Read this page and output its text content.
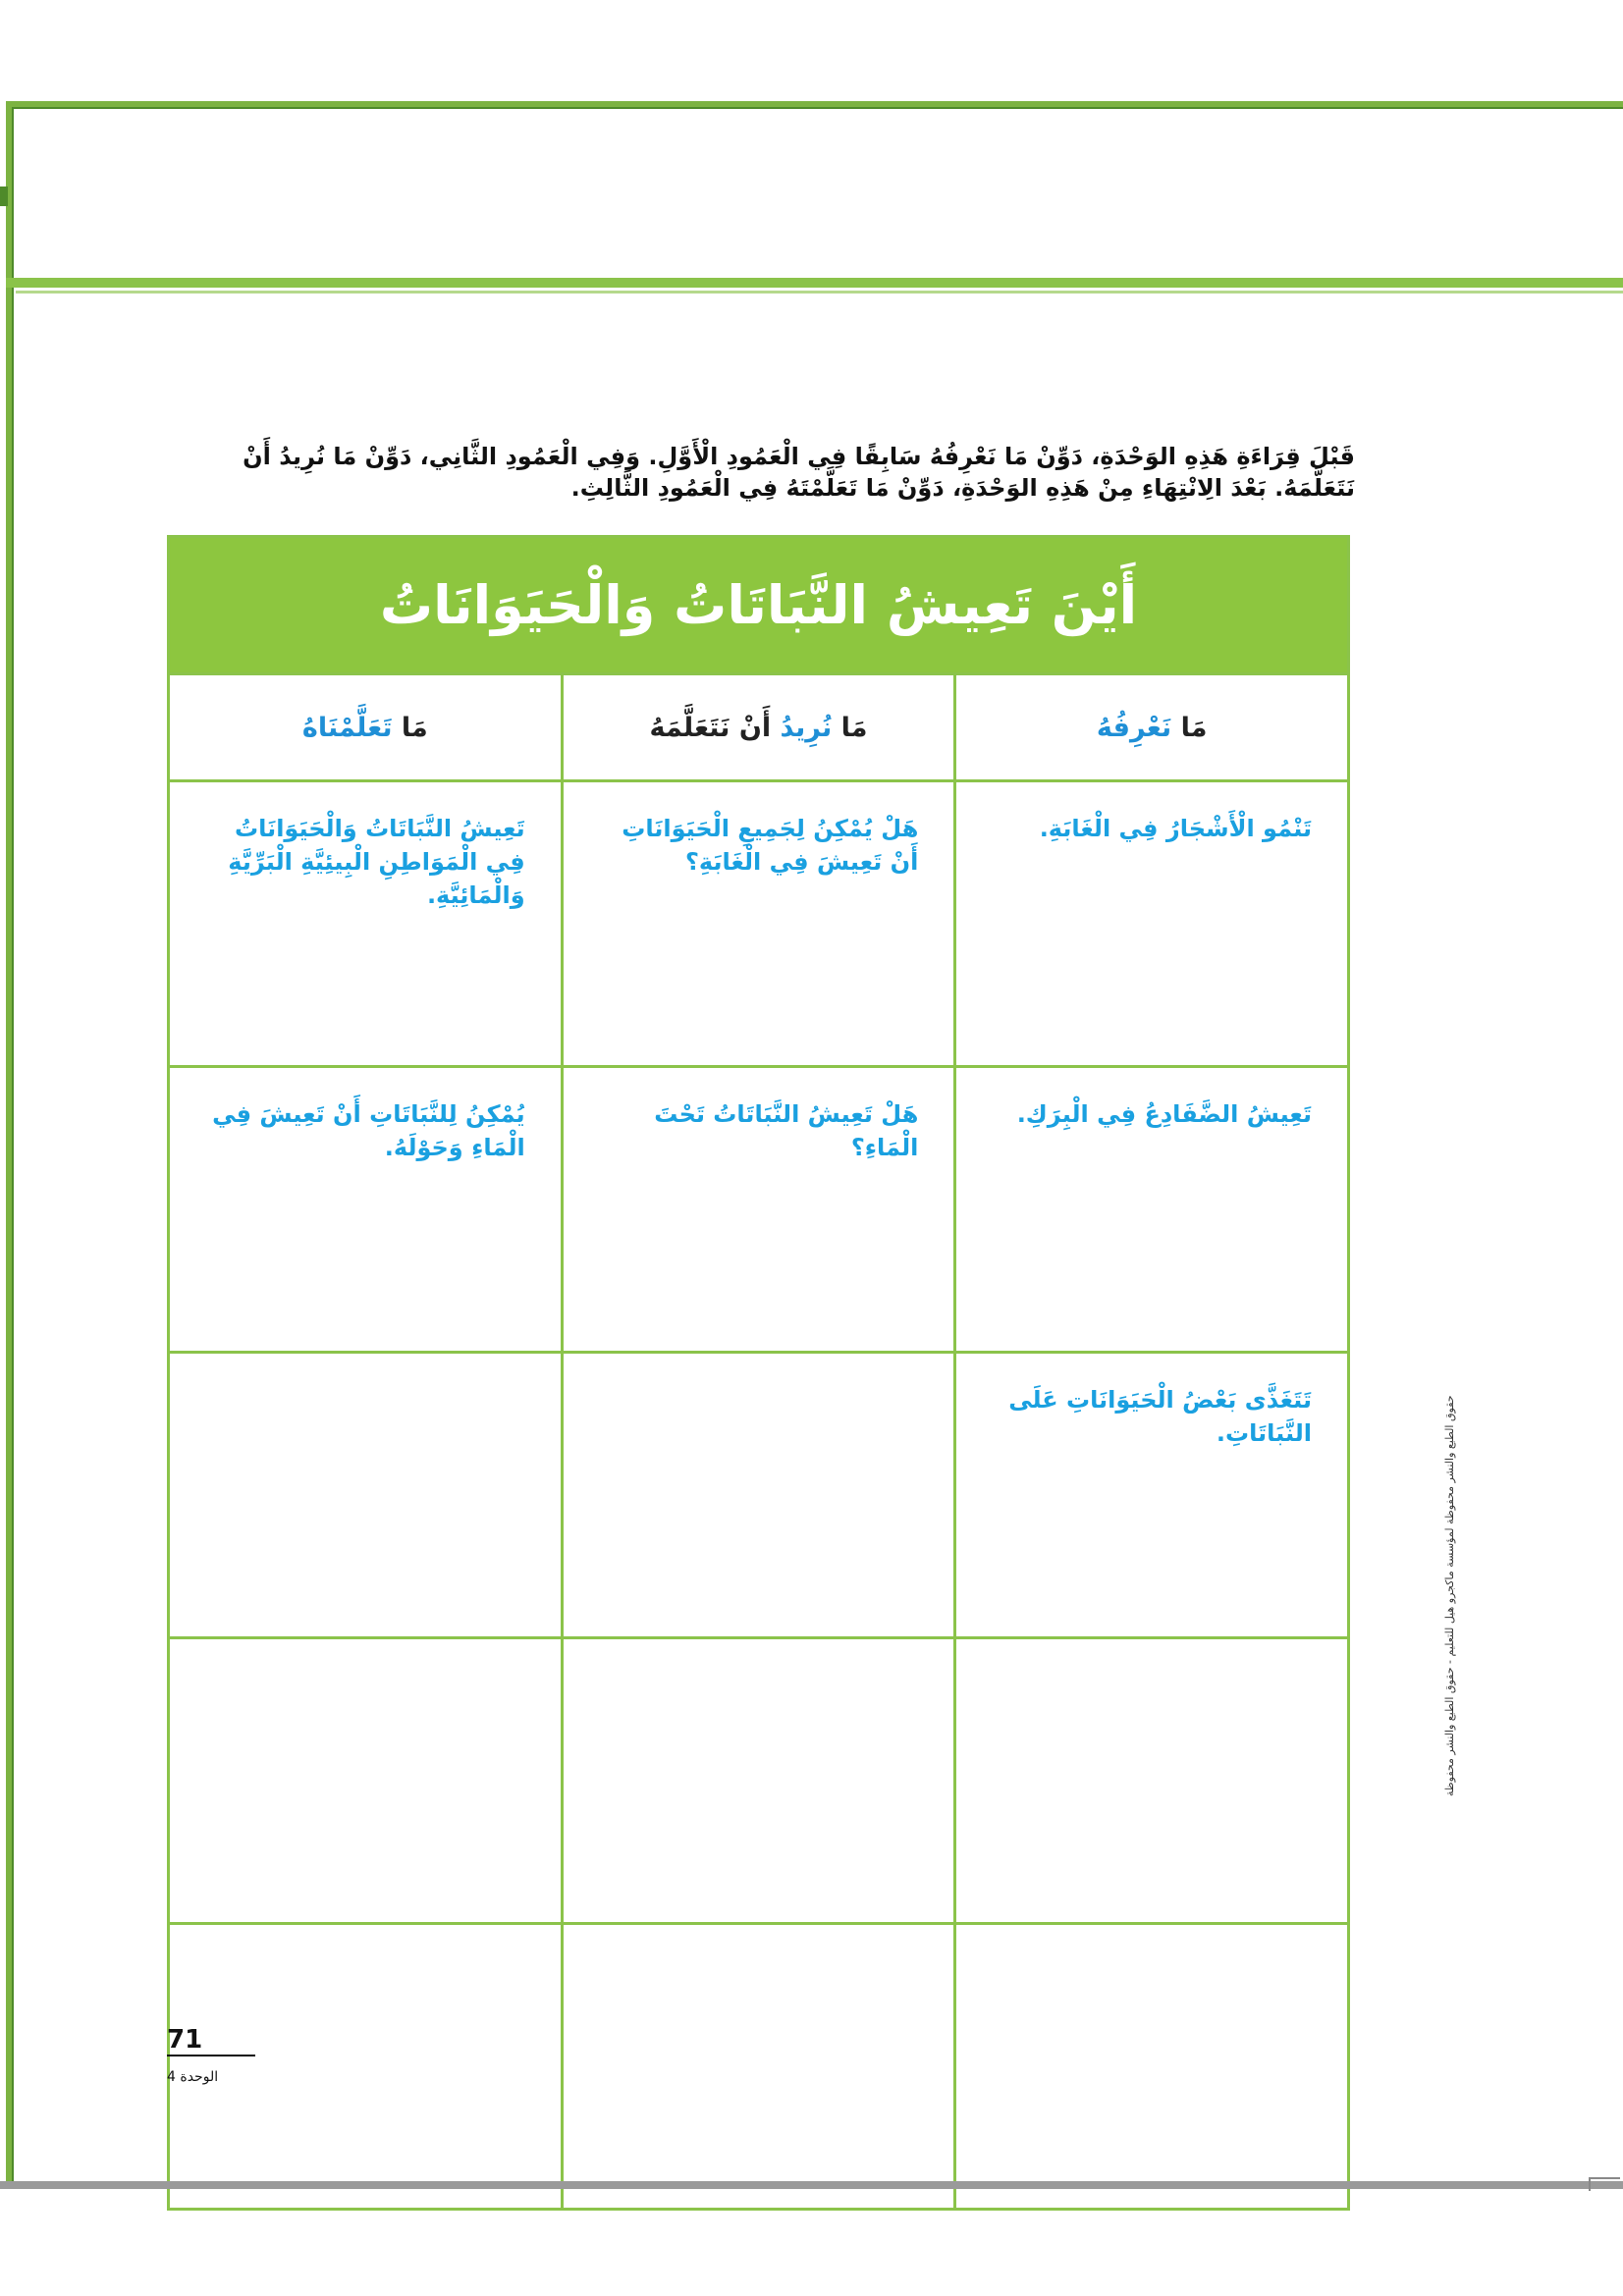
قَبْلَ قِرَاءَةِ هَذِهِ الوَحْدَةِ، دَوِّنْ مَا نَعْرِفُهُ سَابِقًا فِي الْعَمُودِ الْأَوَّلِ. وَفِي الْعَمُودِ الثَّانِي، دَوِّنْ مَا نُرِيدُ أَنْ نَتَعَلَّمَهُ. بَعْدَ الِانْتِهَاءِ مِنْ هَذِهِ الوَحْدَةِ، دَوِّنْ مَا تَعَلَّمْتَهُ فِي الْعَمُودِ الثَّالِثِ.

أَيْنَ تَعِيشُ النَّبَاتَاتُ وَالْحَيَوَانَاتُ		
مَا نَعْرِفُهُ	مَا نُرِيدُ أَنْ نَتَعَلَّمَهُ	مَا تَعَلَّمْنَاهُ
تَنْمُو الْأَشْجَارُ فِي الْغَابَةِ.	هَلْ يُمْكِنُ لِجَمِيعِ الْحَيَوَانَاتِ أَنْ تَعِيشَ فِي الْغَابَةِ؟	تَعِيشُ النَّبَاتَاتُ وَالْحَيَوَانَاتُ فِي الْمَوَاطِنِ الْبِيئِيَّةِ الْبَرِّيَّةِ وَالْمَائِيَّةِ.
تَعِيشُ الضَّفَادِعُ فِي الْبِرَكِ.	هَلْ تَعِيشُ النَّبَاتَاتُ تَحْتَ الْمَاءِ؟	يُمْكِنُ لِلنَّبَاتَاتِ أَنْ تَعِيشَ فِي الْمَاءِ وَحَوْلَهُ.
تَتَغَذَّى بَعْضُ الْحَيَوَانَاتِ عَلَى النَّبَاتَاتِ.		

			حقوق الطبع والنشر محفوظة لمؤسسة ماكجرو هيل للتعليم - حقوق الطبع والنشر محفوظة
71
الوحدة 4
